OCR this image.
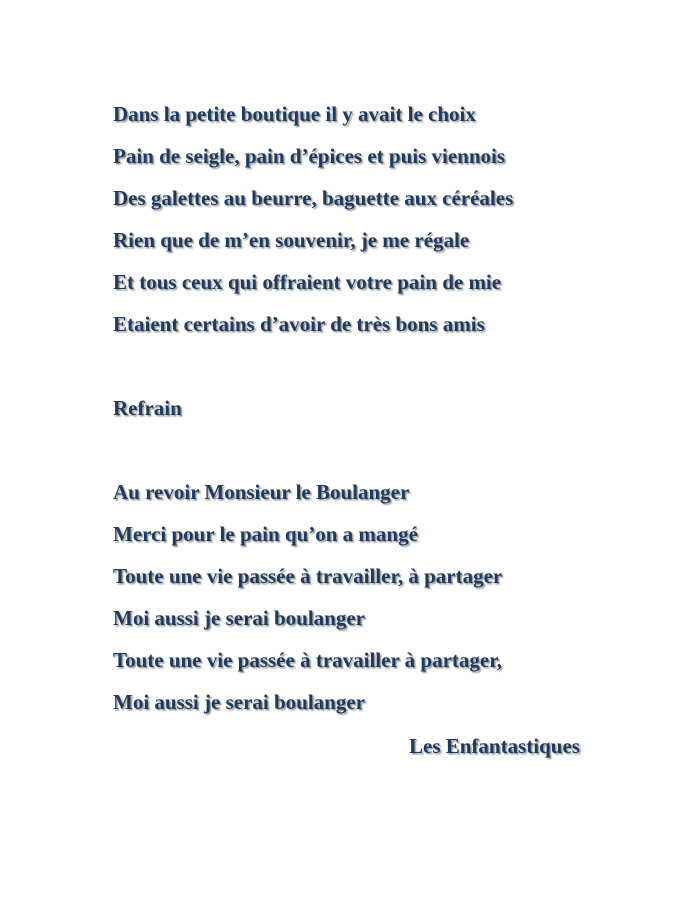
Dans la petite boutique il y avait le choix
Pain de seigle, pain d’épices et puis viennois
Des galettes au beurre, baguette aux céréales
Rien que de m’en souvenir, je me régale
Et tous ceux qui offraient votre pain de mie
Etaient certains d’avoir de très bons amis
Refrain
Au revoir Monsieur le Boulanger
Merci pour le pain qu’on a mangé
Toute une vie passée à travailler, à partager
Moi aussi je serai boulanger
Toute une vie passée à travailler à partager,
Moi aussi je serai boulanger
Les Enfantastiques
